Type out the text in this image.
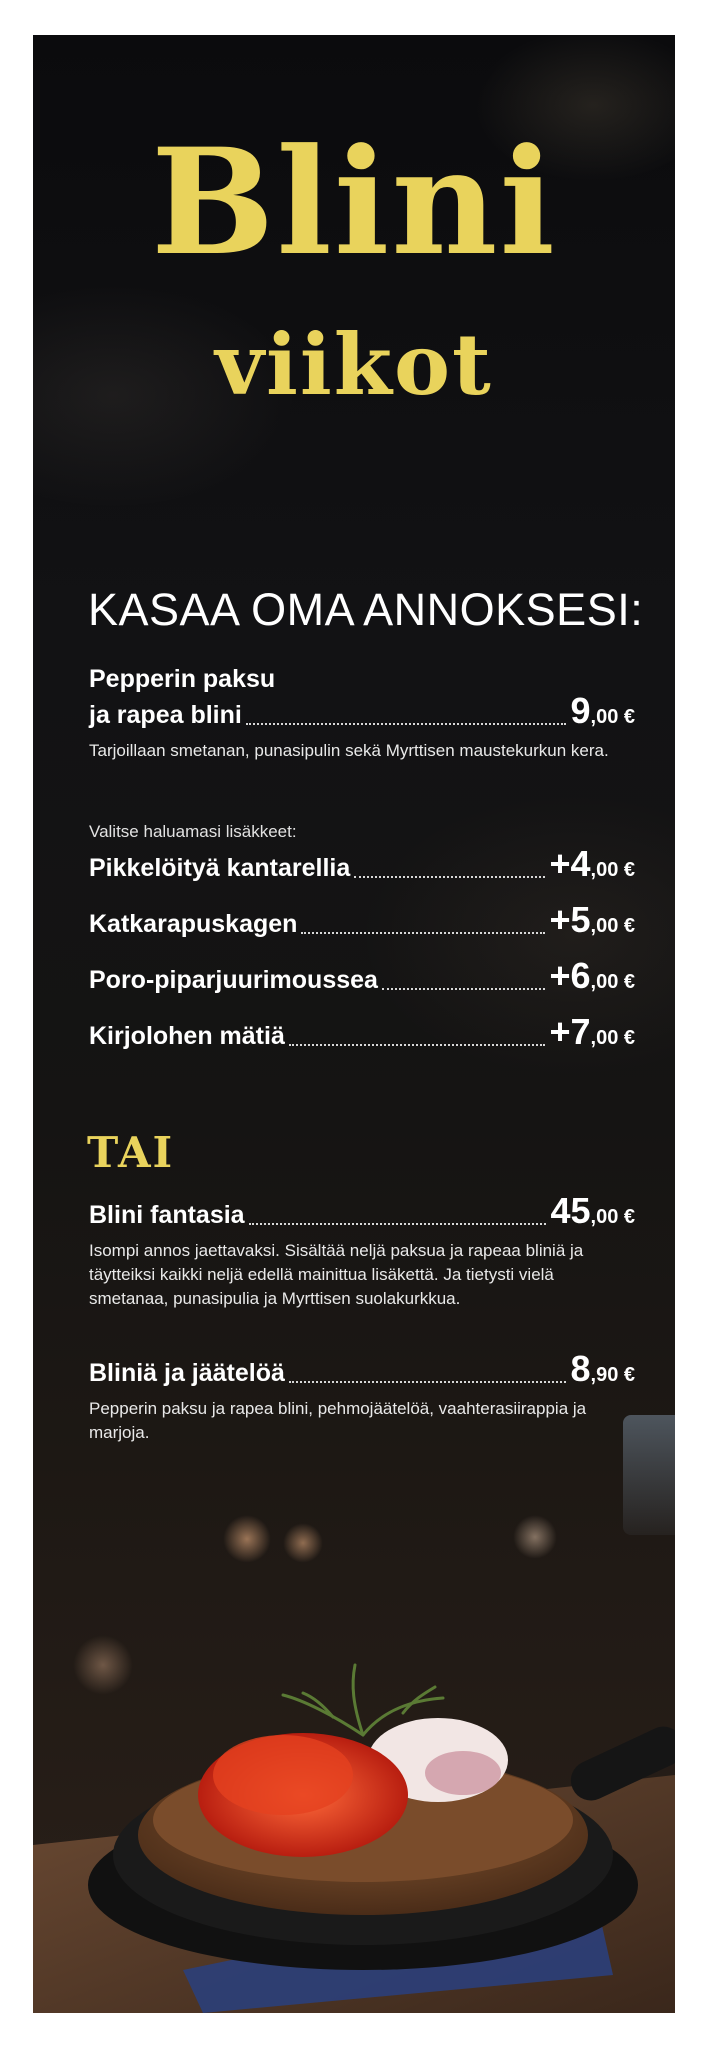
Blini
viikot
KASAA OMA ANNOKSESI:
Pepperin paksu
ja rapea blini	9,00 €

Tarjoillaan smetanan, punasipulin sekä Myrttisen maustekurkun kera.

Valitse haluamasi lisäkkeet:

Pikkelöityä kantarellia	+4,00 €
Katkarapuskagen	+5,00 €
Poro-piparjuurimoussea	+6,00 €
Kirjolohen mätiä	+7,00 €

TAI

Blini fantasia	45,00 €

Isompi annos jaettavaksi. Sisältää neljä paksua ja rapeaa bliniä ja täytteiksi kaikki neljä edellä mainittua lisäkettä. Ja tietysti vielä smetanaa, punasipulia ja Myrttisen suolakurkkua.

Bliniä ja jäätelöä	8,90 €

Pepperin paksu ja rapea blini, pehmojäätelöä, vaahterasiirappia ja marjoja.
